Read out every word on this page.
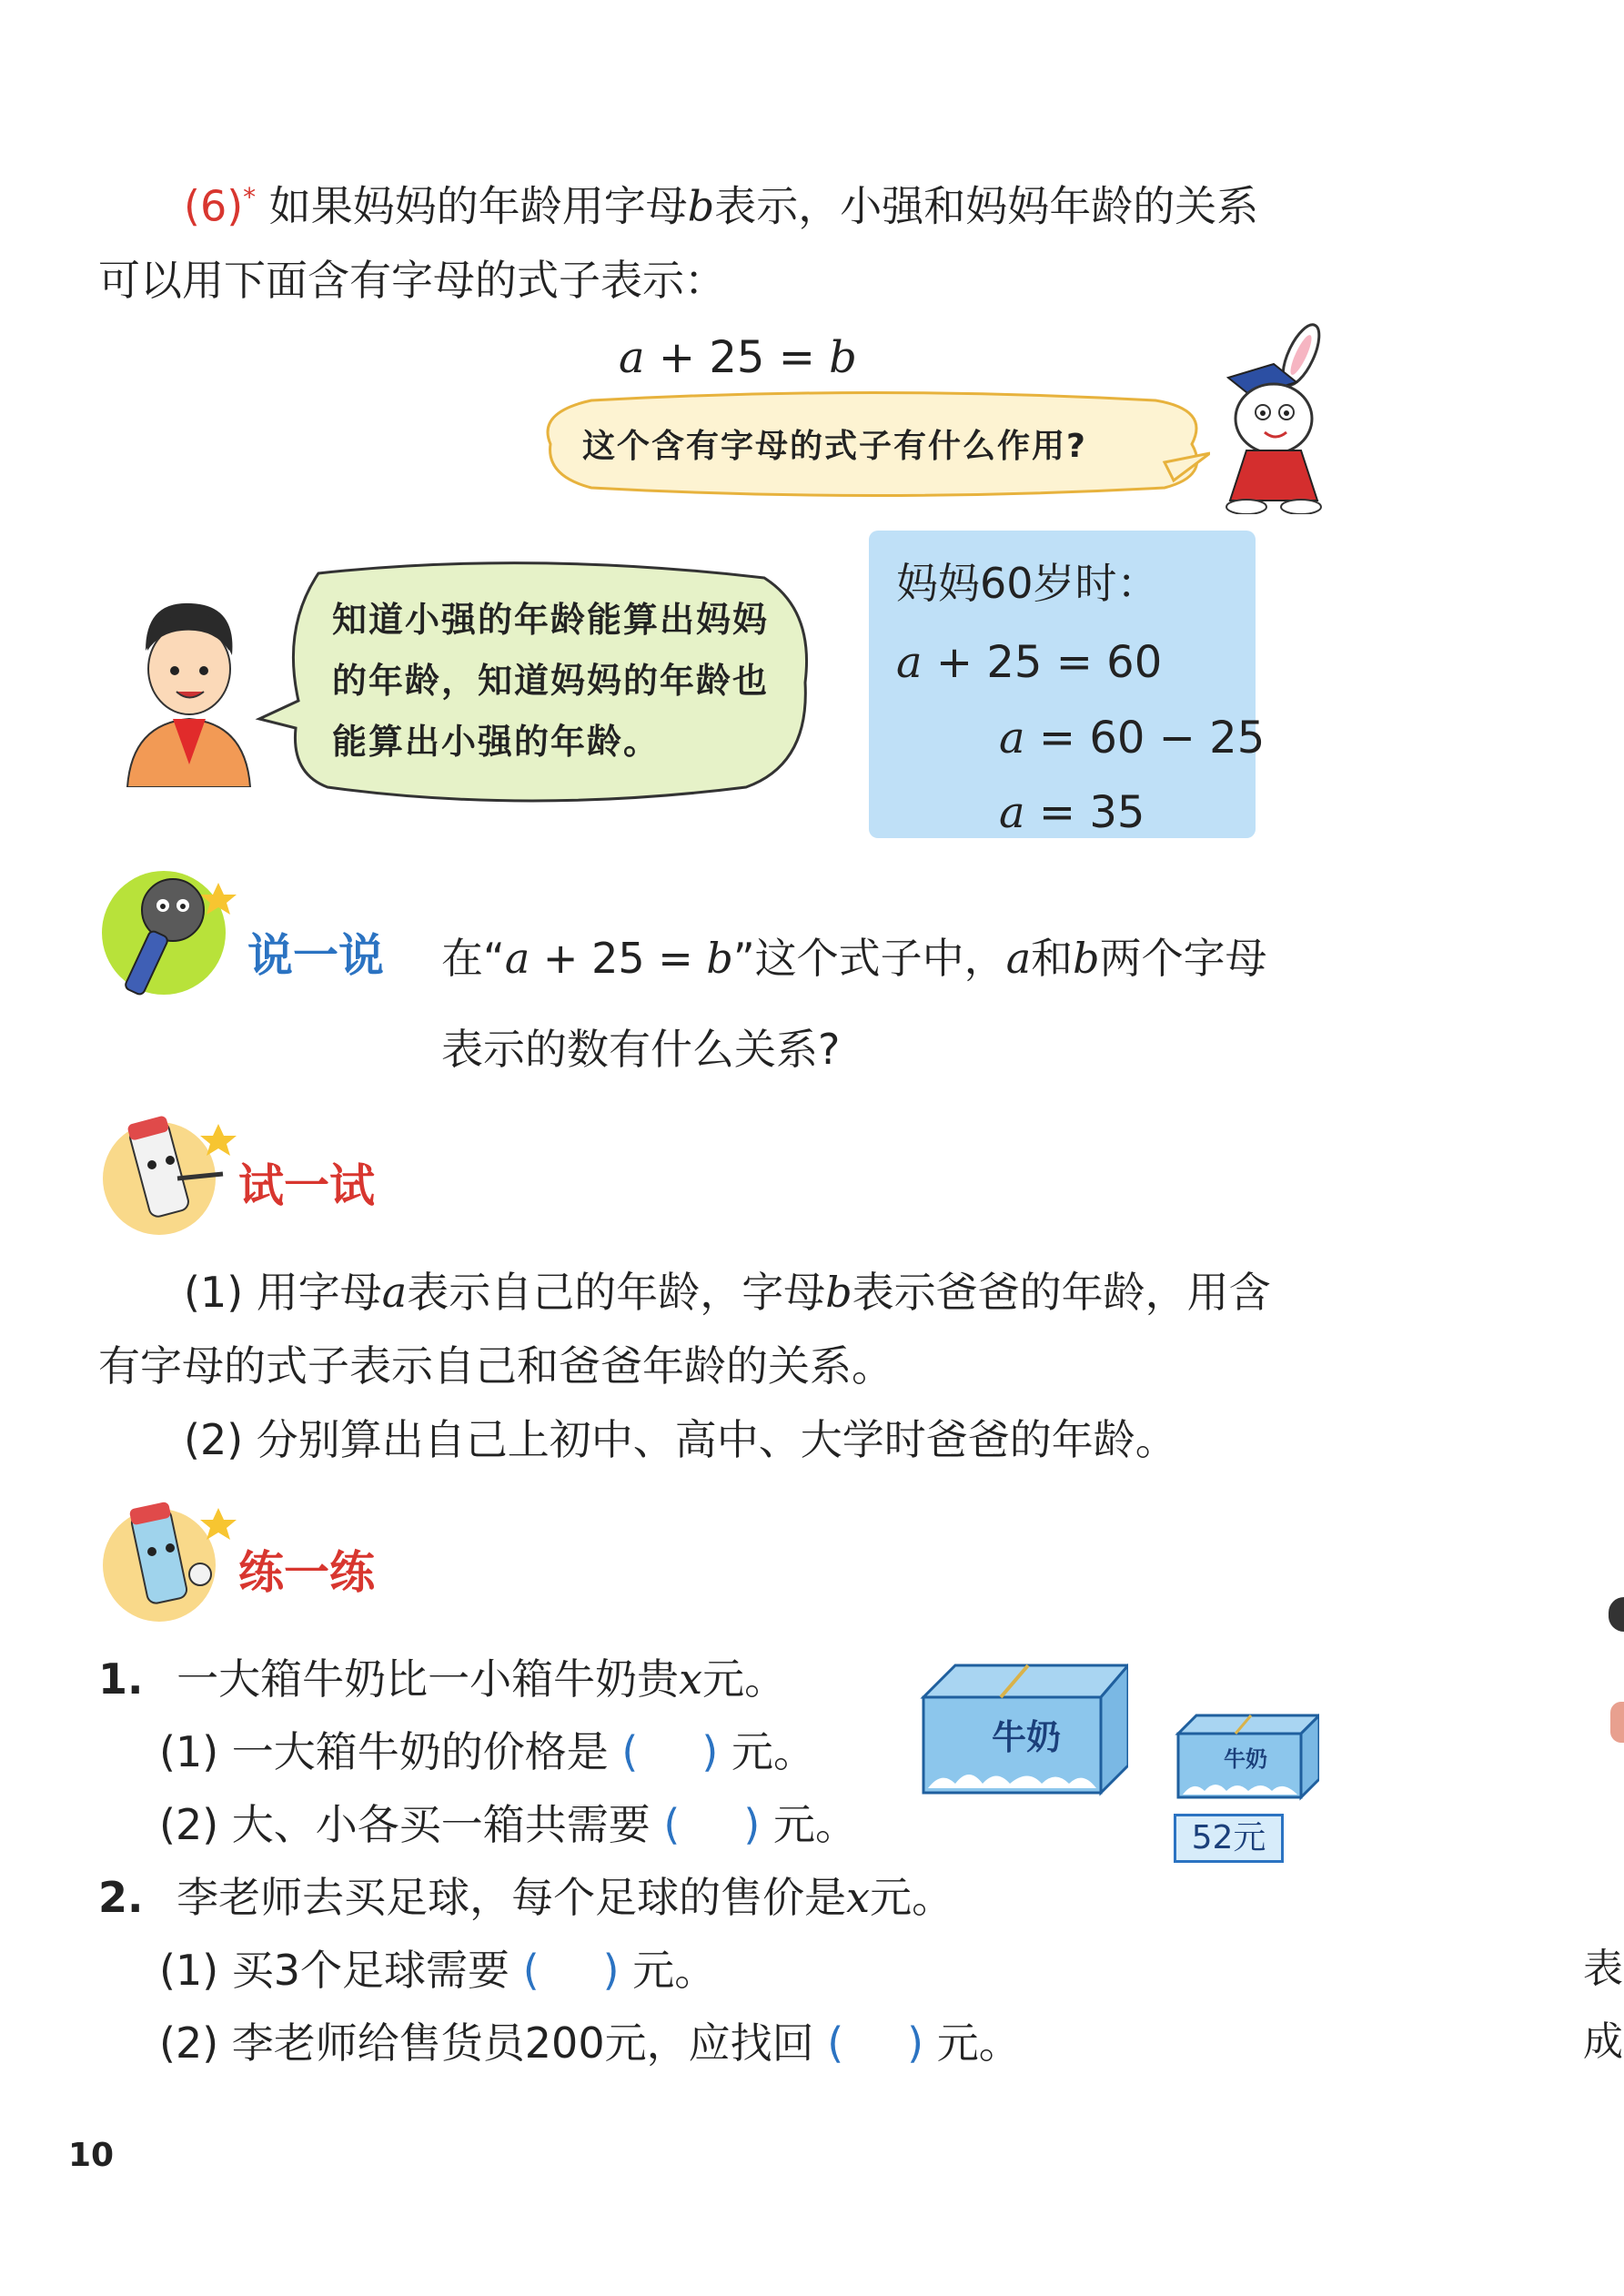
(6)* 如果妈妈的年龄用字母b表示，小强和妈妈年龄的关系
可以用下面含有字母的式子表示：
a + 25 = b
这个含有字母的式子有什么作用?
知道小强的年龄能算出妈妈
的年龄，知道妈妈的年龄也
能算出小强的年龄。
妈妈60岁时：
a + 25 = 60
a = 60 − 25
a = 35
说一说 在“a + 25 = b”这个式子中，a和b两个字母
表示的数有什么关系?
试一试
(1) 用字母a表示自己的年龄，字母b表示爸爸的年龄，用含
有字母的式子表示自己和爸爸年龄的关系。
(2) 分别算出自己上初中、高中、大学时爸爸的年龄。
练一练
1. 一大箱牛奶比一小箱牛奶贵x元。
(1) 一大箱牛奶的价格是 ( ) 元。
(2) 大、小各买一箱共需要 ( ) 元。
牛奶
牛奶
52元
2. 李老师去买足球，每个足球的售价是x元。
(1) 买3个足球需要 ( ) 元。
(2) 李老师给售货员200元，应找回 ( ) 元。
表
成
10
